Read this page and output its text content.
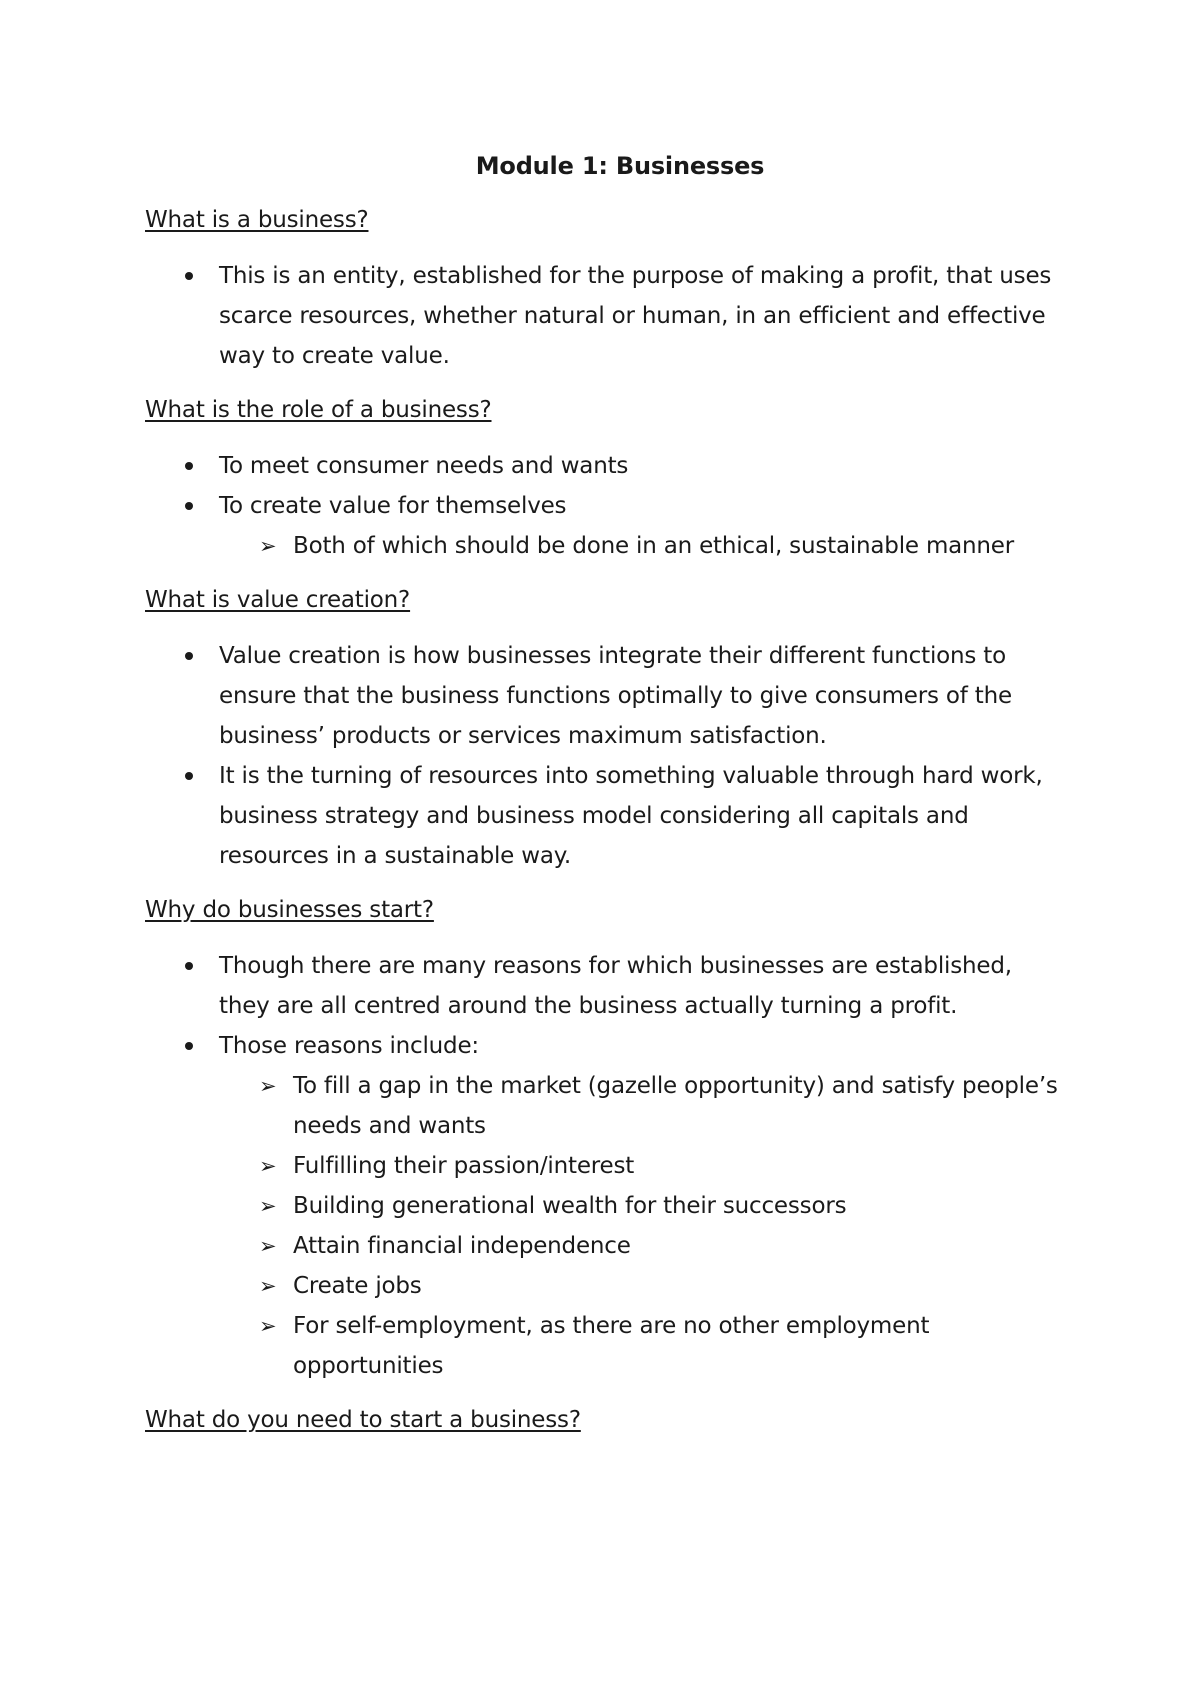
Module 1: Businesses
What is a business?
This is an entity, established for the purpose of making a profit, that uses scarce resources, whether natural or human, in an efficient and effective way to create value.
What is the role of a business?
To meet consumer needs and wants
To create value for themselves
➢ Both of which should be done in an ethical, sustainable manner
What is value creation?
Value creation is how businesses integrate their different functions to ensure that the business functions optimally to give consumers of the business’ products or services maximum satisfaction.
It is the turning of resources into something valuable through hard work, business strategy and business model considering all capitals and resources in a sustainable way.
Why do businesses start?
Though there are many reasons for which businesses are established, they are all centred around the business actually turning a profit.
Those reasons include:
➢ To fill a gap in the market (gazelle opportunity) and satisfy people’s needs and wants
➢ Fulfilling their passion/interest
➢ Building generational wealth for their successors
➢ Attain financial independence
➢ Create jobs
➢ For self-employment, as there are no other employment opportunities
What do you need to start a business?
